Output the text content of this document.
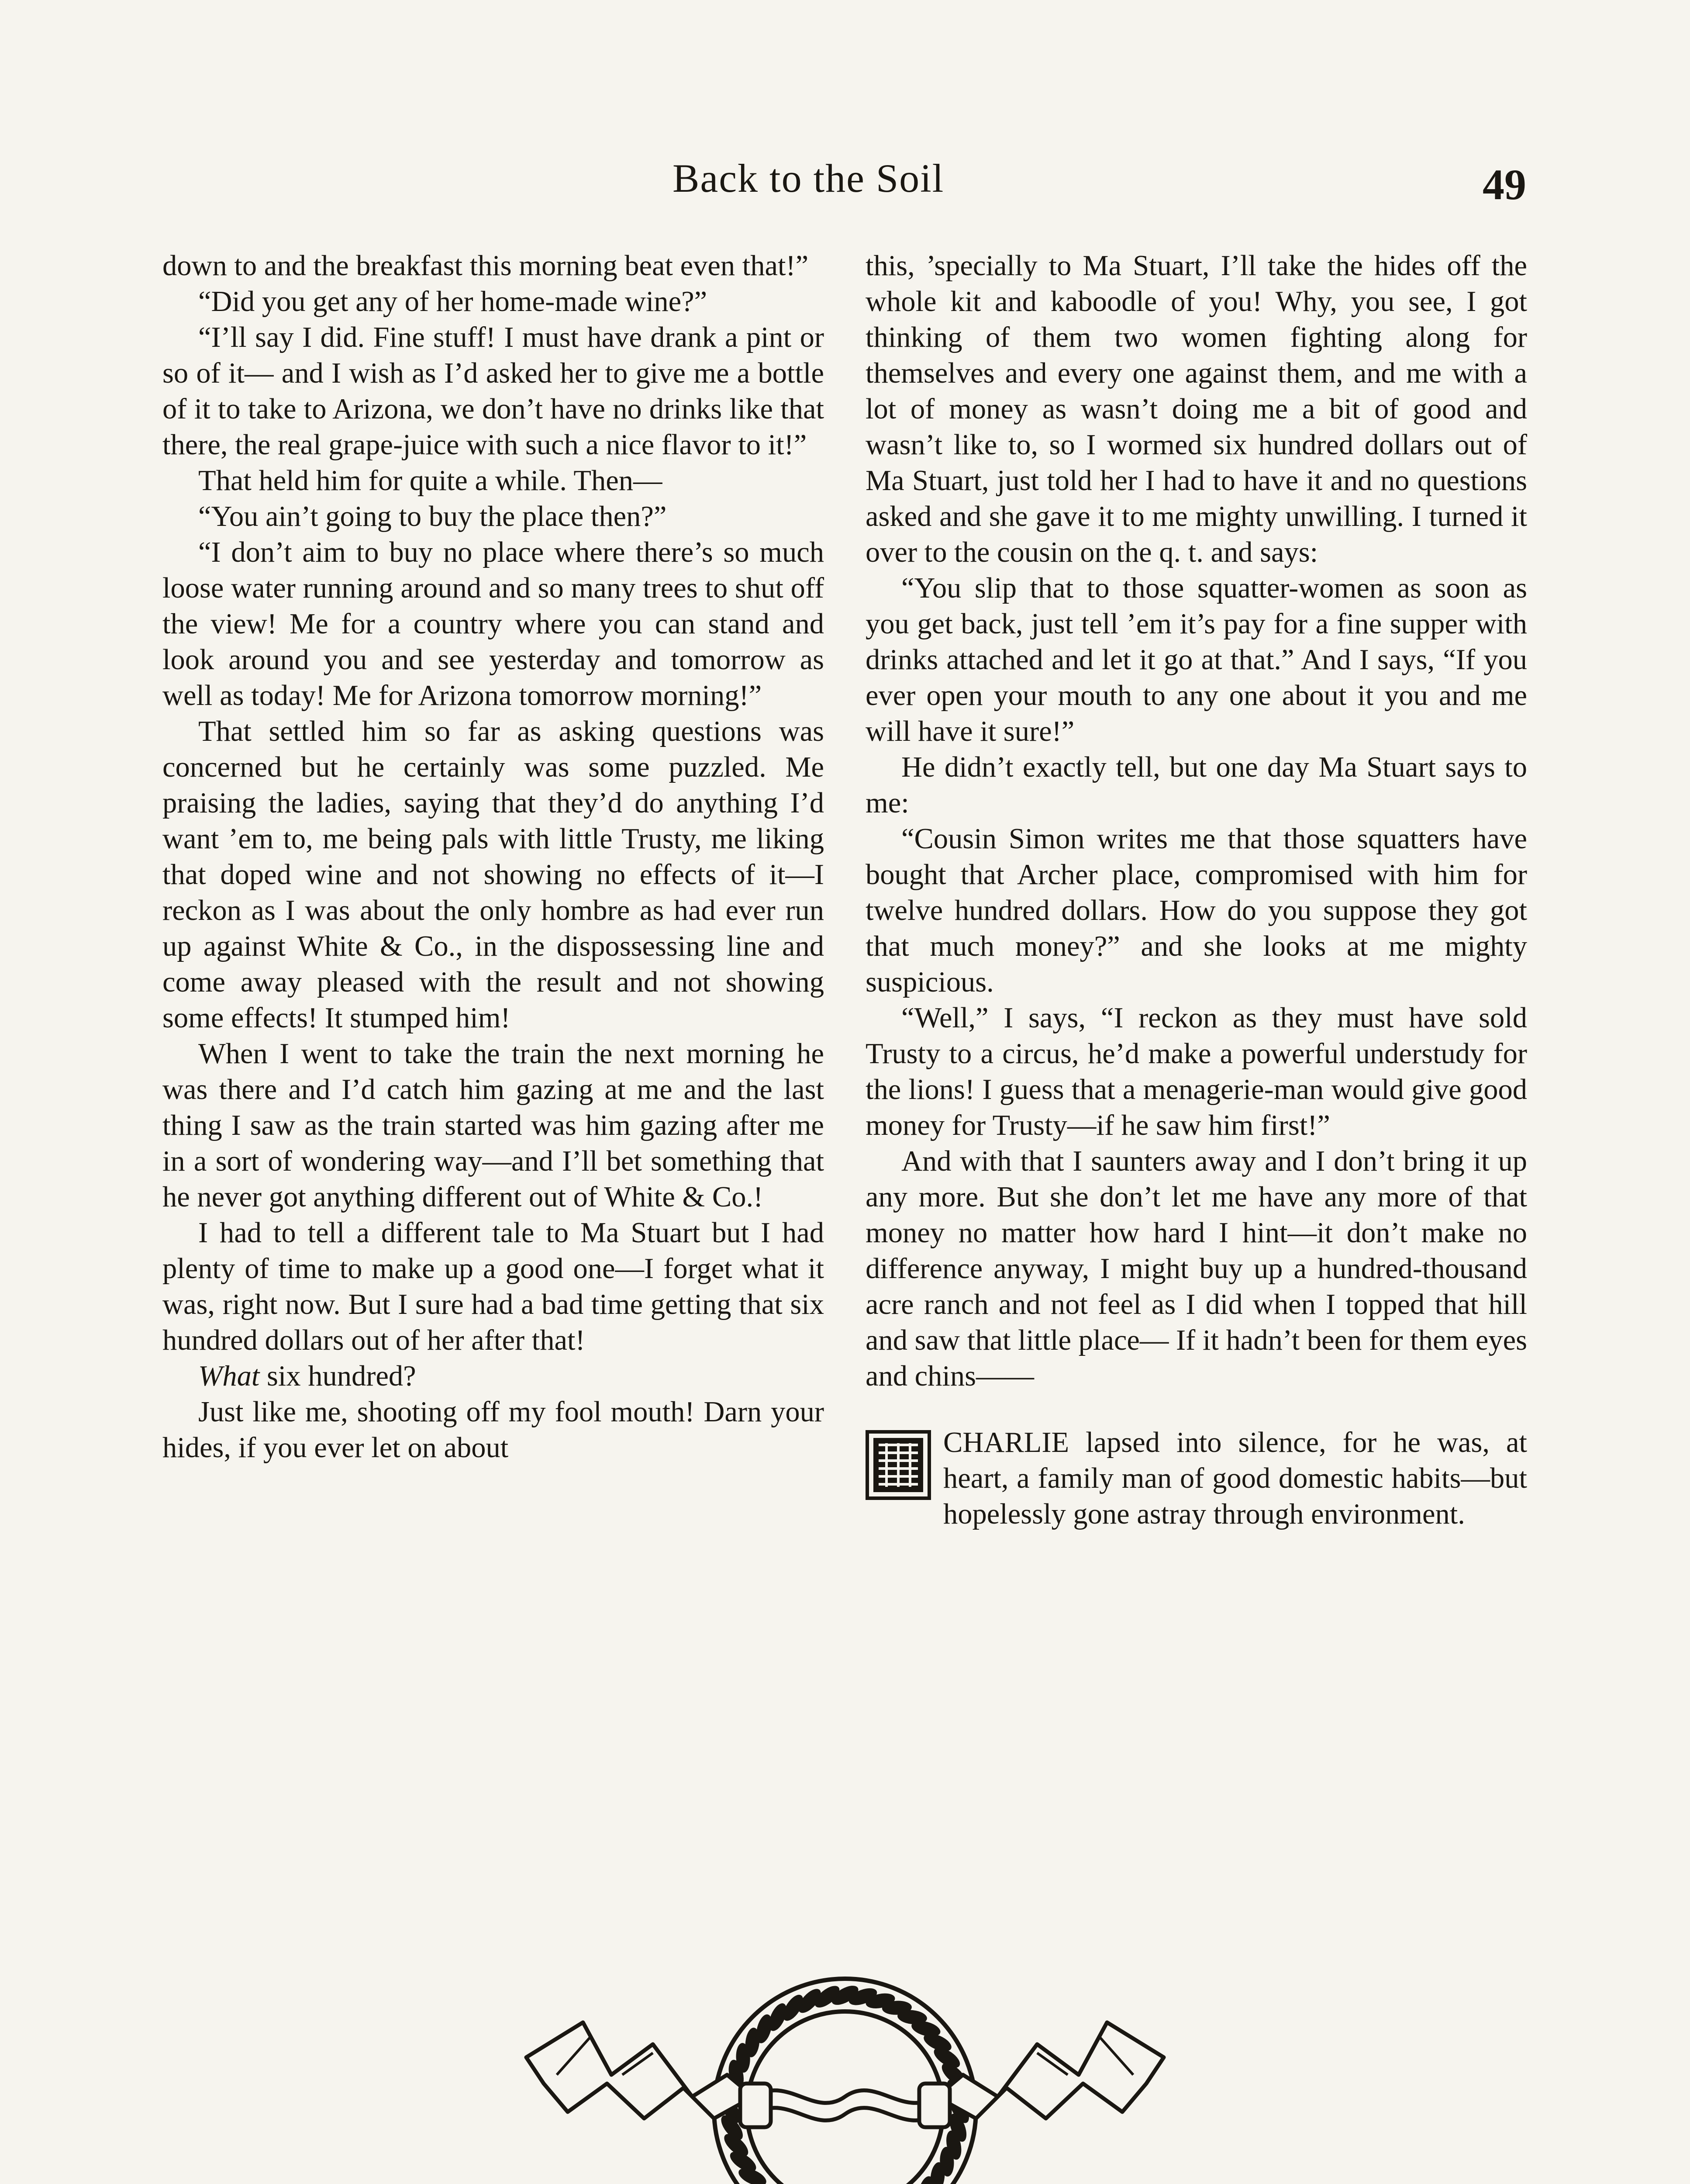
Back to the Soil	49

down to and the breakfast this morning beat even that!”

“Did you get any of her home-made wine?”

“I’ll say I did. Fine stuff! I must have drank a pint or so of it— and I wish as I’d asked her to give me a bottle of it to take to Arizona, we don’t have no drinks like that there, the real grape-juice with such a nice flavor to it!”

That held him for quite a while. Then—

“You ain’t going to buy the place then?”

“I don’t aim to buy no place where there’s so much loose water running around and so many trees to shut off the view! Me for a country where you can stand and look around you and see yesterday and tomorrow as well as today! Me for Arizona tomorrow morning!”

That settled him so far as asking questions was concerned but he certainly was some puzzled. Me praising the ladies, saying that they’d do anything I’d want ’em to, me being pals with little Trusty, me liking that doped wine and not showing no effects of it—I reckon as I was about the only hombre as had ever run up against White & Co., in the dispossessing line and come away pleased with the result and not showing some effects! It stumped him!

When I went to take the train the next morning he was there and I’d catch him gazing at me and the last thing I saw as the train started was him gazing after me in a sort of wondering way—and I’ll bet something that he never got anything different out of White & Co.!

I had to tell a different tale to Ma Stuart but I had plenty of time to make up a good one—I forget what it was, right now. But I sure had a bad time getting that six hundred dollars out of her after that!

What six hundred?

Just like me, shooting off my fool mouth! Darn your hides, if you ever let on about

this, ’specially to Ma Stuart, I’ll take the hides off the whole kit and kaboodle of you! Why, you see, I got thinking of them two women fighting along for themselves and every one against them, and me with a lot of money as wasn’t doing me a bit of good and wasn’t like to, so I wormed six hundred dollars out of Ma Stuart, just told her I had to have it and no questions asked and she gave it to me mighty unwilling. I turned it over to the cousin on the q. t. and says:

“You slip that to those squatter-women as soon as you get back, just tell ’em it’s pay for a fine supper with drinks attached and let it go at that.” And I says, “If you ever open your mouth to any one about it you and me will have it sure!”

He didn’t exactly tell, but one day Ma Stuart says to me:

“Cousin Simon writes me that those squatters have bought that Archer place, compromised with him for twelve hundred dollars. How do you suppose they got that much money?” and she looks at me mighty suspicious.

“Well,” I says, “I reckon as they must have sold Trusty to a circus, he’d make a powerful understudy for the lions! I guess that a menagerie-man would give good money for Trusty—if he saw him first!”

And with that I saunters away and I don’t bring it up any more. But she don’t let me have any more of that money no matter how hard I hint—it don’t make no difference anyway, I might buy up a hundred-thousand acre ranch and not feel as I did when I topped that hill and saw that little place— If it hadn’t been for them eyes and chins——

CHARLIE lapsed into silence, for he was, at heart, a family man of good domestic habits—but hopelessly gone astray through environment.
